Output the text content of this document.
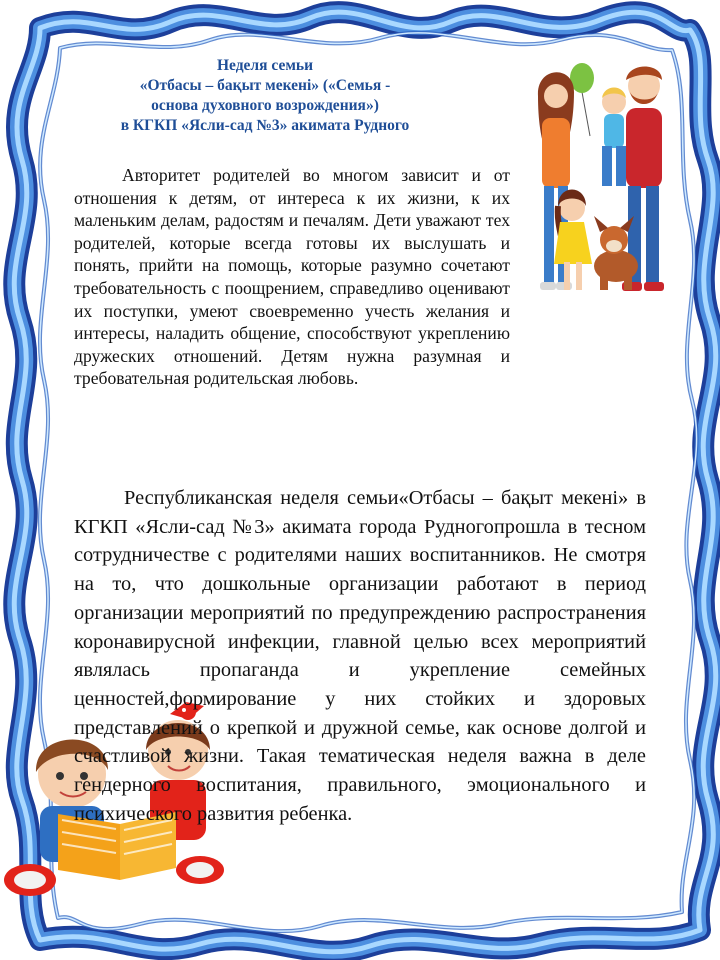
Неделя семьи
«Отбасы – бақыт мекені» («Семья -
основа духовного возрождения»)
в КГКП «Ясли-сад №3» акимата Рудного
Авторитет родителей во многом зависит и от отношения к детям, от интереса к их жизни, к их маленьким делам, радостям и печалям. Дети уважают тех родителей, которые всегда готовы их выслушать и понять, прийти на помощь, которые разумно сочетают требовательность с поощрением, справедливо оценивают их поступки, умеют своевременно учесть желания и интересы, наладить общение, способствуют укреплению дружеских отношений. Детям нужна разумная и требовательная родительская любовь.
Республиканская неделя семьи«Отбасы – бақыт мекені» в КГКП «Ясли-сад №3» акимата города Рудногопрошла в тесном сотрудничестве с родителями наших воспитанников. Не смотря на то, что дошкольные организации работают в период организации мероприятий по предупреждению распространения коронавирусной инфекции, главной целью всех мероприятий являлась пропаганда и укрепление семейных ценностей,формирование у них стойких и здоровых представлений о крепкой и дружной семье, как основе долгой и счастливой жизни. Такая тематическая неделя важна в деле гендерного воспитания, правильного, эмоционального и психического развития ребенка.
